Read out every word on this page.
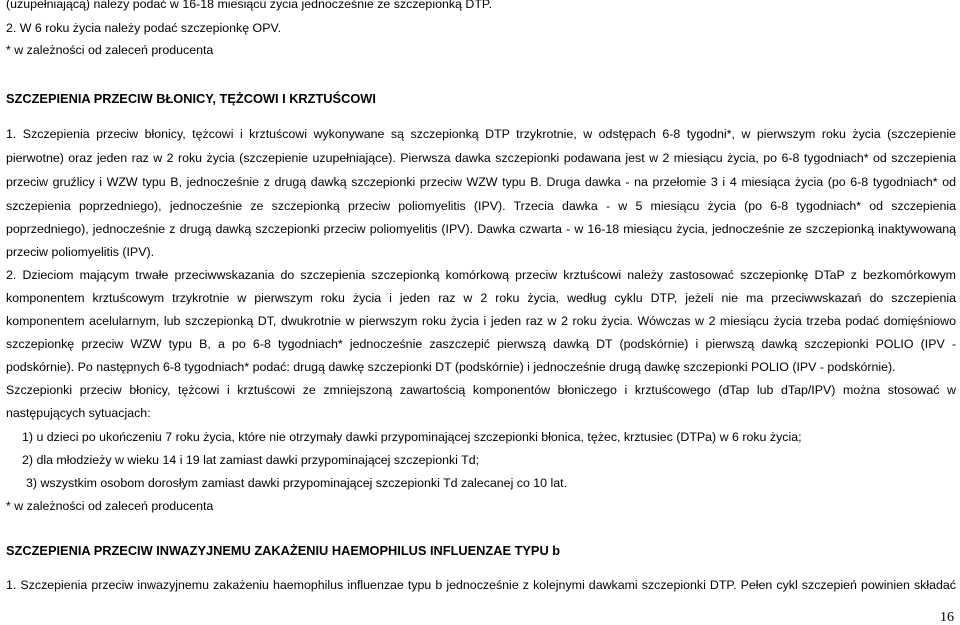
(uzupełniającą) należy podać w 16-18 miesiącu życia jednocześnie ze szczepionką DTP.
2. W 6 roku życia należy podać szczepionkę OPV.
* w zależności od zaleceń producenta
SZCZEPIENIA PRZECIW BŁONICY, TĘŻCOWI I KRZTUŚCOWI
1. Szczepienia przeciw błonicy, tężcowi i krztuścowi wykonywane są szczepionką DTP trzykrotnie, w odstępach 6-8 tygodni*, w pierwszym roku życia (szczepienie
pierwotne) oraz jeden raz w 2 roku życia (szczepienie uzupełniające). Pierwsza dawka szczepionki podawana jest w 2 miesiącu życia, po 6-8 tygodniach* od szczepienia
przeciw gruźlicy i WZW typu B, jednocześnie z drugą dawką szczepionki przeciw WZW typu B. Druga dawka - na przełomie 3 i 4 miesiąca życia (po 6-8 tygodniach* od
szczepienia poprzedniego), jednocześnie ze szczepionką przeciw poliomyelitis (IPV). Trzecia dawka - w 5 miesiącu życia (po 6-8 tygodniach* od szczepienia
poprzedniego), jednocześnie z drugą dawką szczepionki przeciw poliomyelitis (IPV). Dawka czwarta - w 16-18 miesiącu życia, jednocześnie ze szczepionką inaktywowaną
przeciw poliomyelitis (IPV).
2. Dzieciom mającym trwałe przeciwwskazania do szczepienia szczepionką komórkową przeciw krztuścowi należy zastosować szczepionkę DTaP z bezkomórkowym
komponentem krztuścowym trzykrotnie w pierwszym roku życia i jeden raz w 2 roku życia, według cyklu DTP, jeżeli nie ma przeciwwskazań do szczepienia
komponentem acelularnym, lub szczepionką DT, dwukrotnie w pierwszym roku życia i jeden raz w 2 roku życia. Wówczas w 2 miesiącu życia trzeba podać domięśniowo
szczepionkę przeciw WZW typu B, a po 6-8 tygodniach* jednocześnie zaszczepić pierwszą dawką DT (podskórnie) i pierwszą dawką szczepionki POLIO (IPV -
podskórnie). Po następnych 6-8 tygodniach* podać: drugą dawkę szczepionki DT (podskórnie) i jednocześnie drugą dawkę szczepionki POLIO (IPV - podskórnie).
Szczepionki przeciw błonicy, tężcowi i krztuścowi ze zmniejszoną zawartością komponentów błoniczego i krztuścowego (dTap lub dTap/IPV) można stosować w
następujących sytuacjach:
1) u dzieci po ukończeniu 7 roku życia, które nie otrzymały dawki przypominającej szczepionki błonica, tężec, krztusiec (DTPa) w 6 roku życia;
2) dla młodzieży w wieku 14 i 19 lat zamiast dawki przypominającej szczepionki Td;
3) wszystkim osobom dorosłym zamiast dawki przypominającej szczepionki Td zalecanej co 10 lat.
* w zależności od zaleceń producenta
SZCZEPIENIA PRZECIW INWAZYJNEMU ZAKAŻENIU HAEMOPHILUS INFLUENZAE TYPU b
1. Szczepienia przeciw inwazyjnemu zakażeniu haemophilus influenzae typu b jednocześnie z kolejnymi dawkami szczepionki DTP. Pełen cykl szczepień powinien składać
16
